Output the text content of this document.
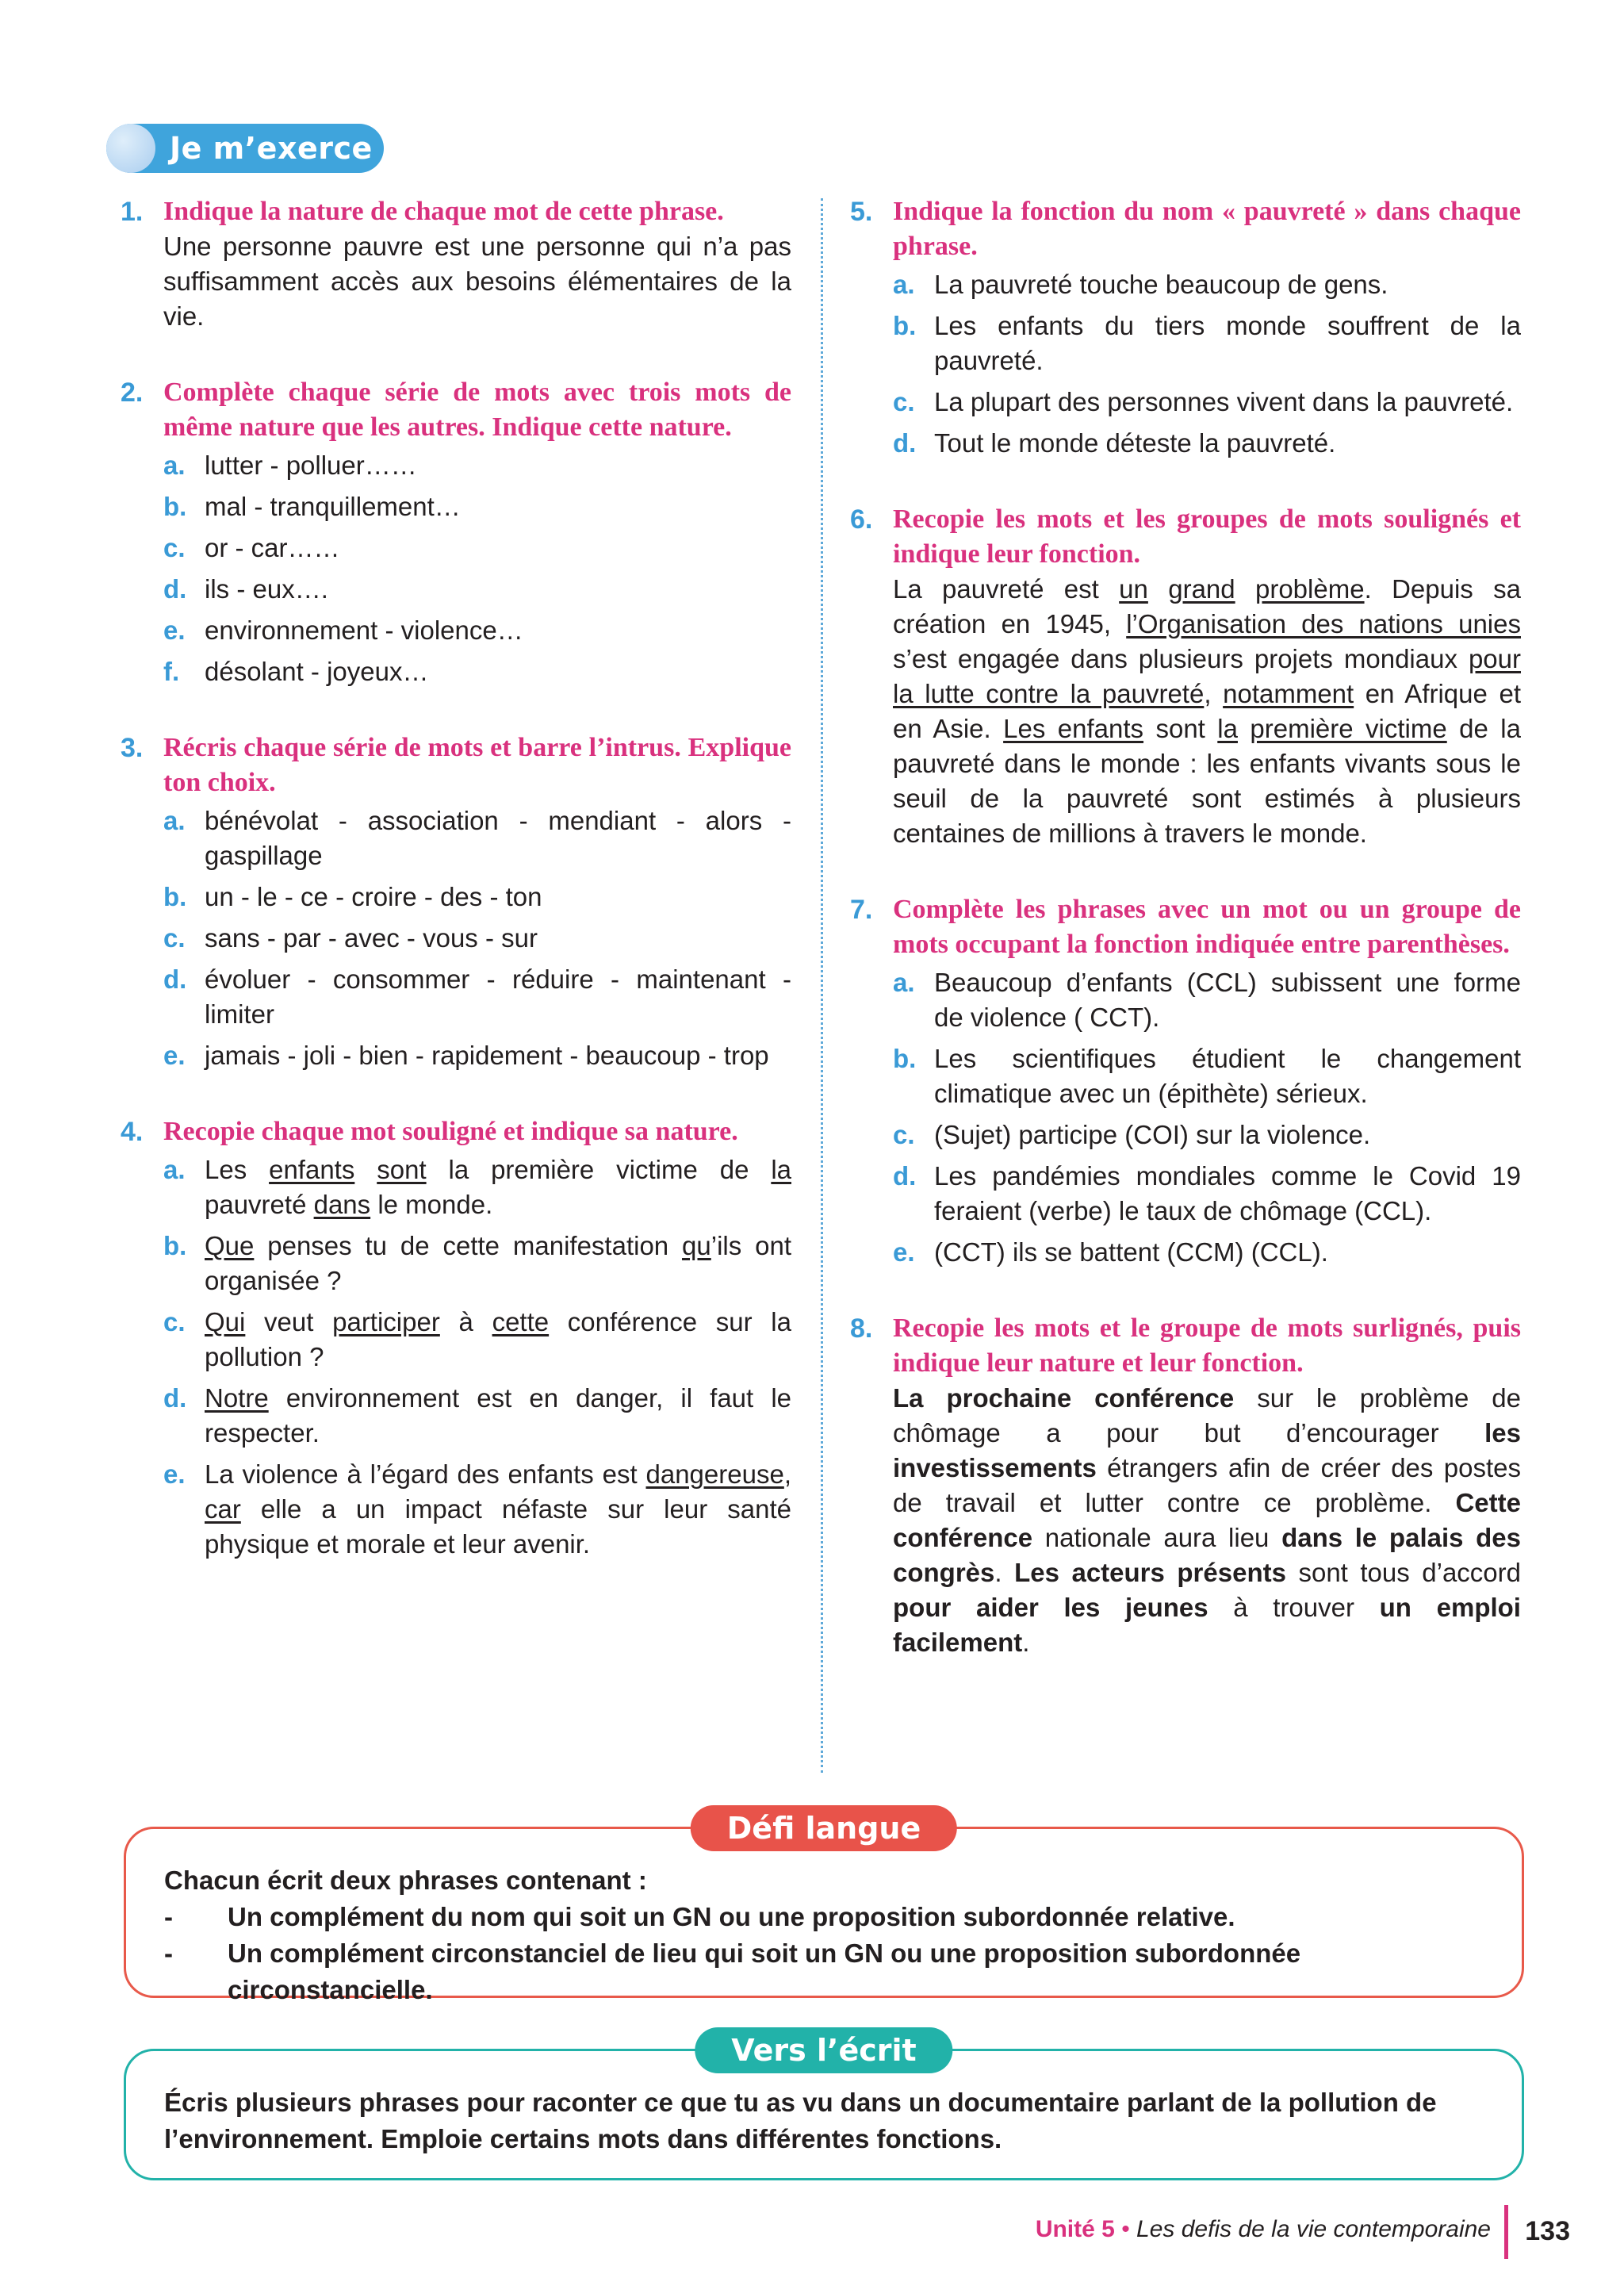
Je m’exerce
1. Indique la nature de chaque mot de cette phrase.
Une personne pauvre est une personne qui n’a pas suffisamment accès aux besoins élémentaires de la vie.
2. Complète chaque série de mots avec trois mots de même nature que les autres. Indique cette nature.
a. lutter - polluer……
b. mal - tranquillement…
c. or - car……
d. ils - eux….
e. environnement - violence…
f. désolant - joyeux…
3. Récris chaque série de mots et barre l’intrus. Explique ton choix.
a. bénévolat - association - mendiant - alors - gaspillage
b. un - le - ce - croire - des - ton
c. sans - par - avec - vous - sur
d. évoluer - consommer - réduire - maintenant - limiter
e. jamais - joli - bien - rapidement - beaucoup - trop
4. Recopie chaque mot souligné et indique sa nature.
a. Les enfants sont la première victime de la pauvreté dans le monde.
b. Que penses tu de cette manifestation qu’ils ont organisée ?
c. Qui veut participer à cette conférence sur la pollution ?
d. Notre environnement est en danger, il faut le respecter.
e. La violence à l’égard des enfants est dangereuse, car elle a un impact néfaste sur leur santé physique et morale et leur avenir.
5. Indique la fonction du nom « pauvreté » dans chaque phrase.
a. La pauvreté touche beaucoup de gens.
b. Les enfants du tiers monde souffrent de la pauvreté.
c. La plupart des personnes vivent dans la pauvreté.
d. Tout le monde déteste la pauvreté.
6. Recopie les mots et les groupes de mots soulignés et indique leur fonction.
La pauvreté est un grand problème. Depuis sa création en 1945, l’Organisation des nations unies s’est engagée dans plusieurs projets mondiaux pour la lutte contre la pauvreté, notamment en Afrique et en Asie. Les enfants sont la première victime de la pauvreté dans le monde : les enfants vivants sous le seuil de la pauvreté sont estimés à plusieurs centaines de millions à travers le monde.
7. Complète les phrases avec un mot ou un groupe de mots occupant la fonction indiquée entre parenthèses.
a. Beaucoup d’enfants (CCL) subissent une forme de violence ( CCT).
b. Les scientifiques étudient le changement climatique avec un (épithète) sérieux.
c. (Sujet) participe (COI) sur la violence.
d. Les pandémies mondiales comme le Covid 19 feraient (verbe) le taux de chômage (CCL).
e. (CCT) ils se battent (CCM) (CCL).
8. Recopie les mots et le groupe de mots surlignés, puis indique leur nature et leur fonction.
La prochaine conférence sur le problème de chômage a pour but d’encourager les investissements étrangers afin de créer des postes de travail et lutter contre ce problème. Cette conférence nationale aura lieu dans le palais des congrès. Les acteurs présents sont tous d’accord pour aider les jeunes à trouver un emploi facilement.
Défi langue
Chacun écrit deux phrases contenant :
- Un complément du nom qui soit un GN ou une proposition subordonnée relative.
- Un complément circonstanciel de lieu qui soit un GN ou une proposition subordonnée circonstancielle.
Vers l’écrit
Écris plusieurs phrases pour raconter ce que tu as vu dans un documentaire parlant de la pollution de l’environnement. Emploie certains mots dans différentes fonctions.
Unité 5 • Les defis de la vie contemporaine 133
